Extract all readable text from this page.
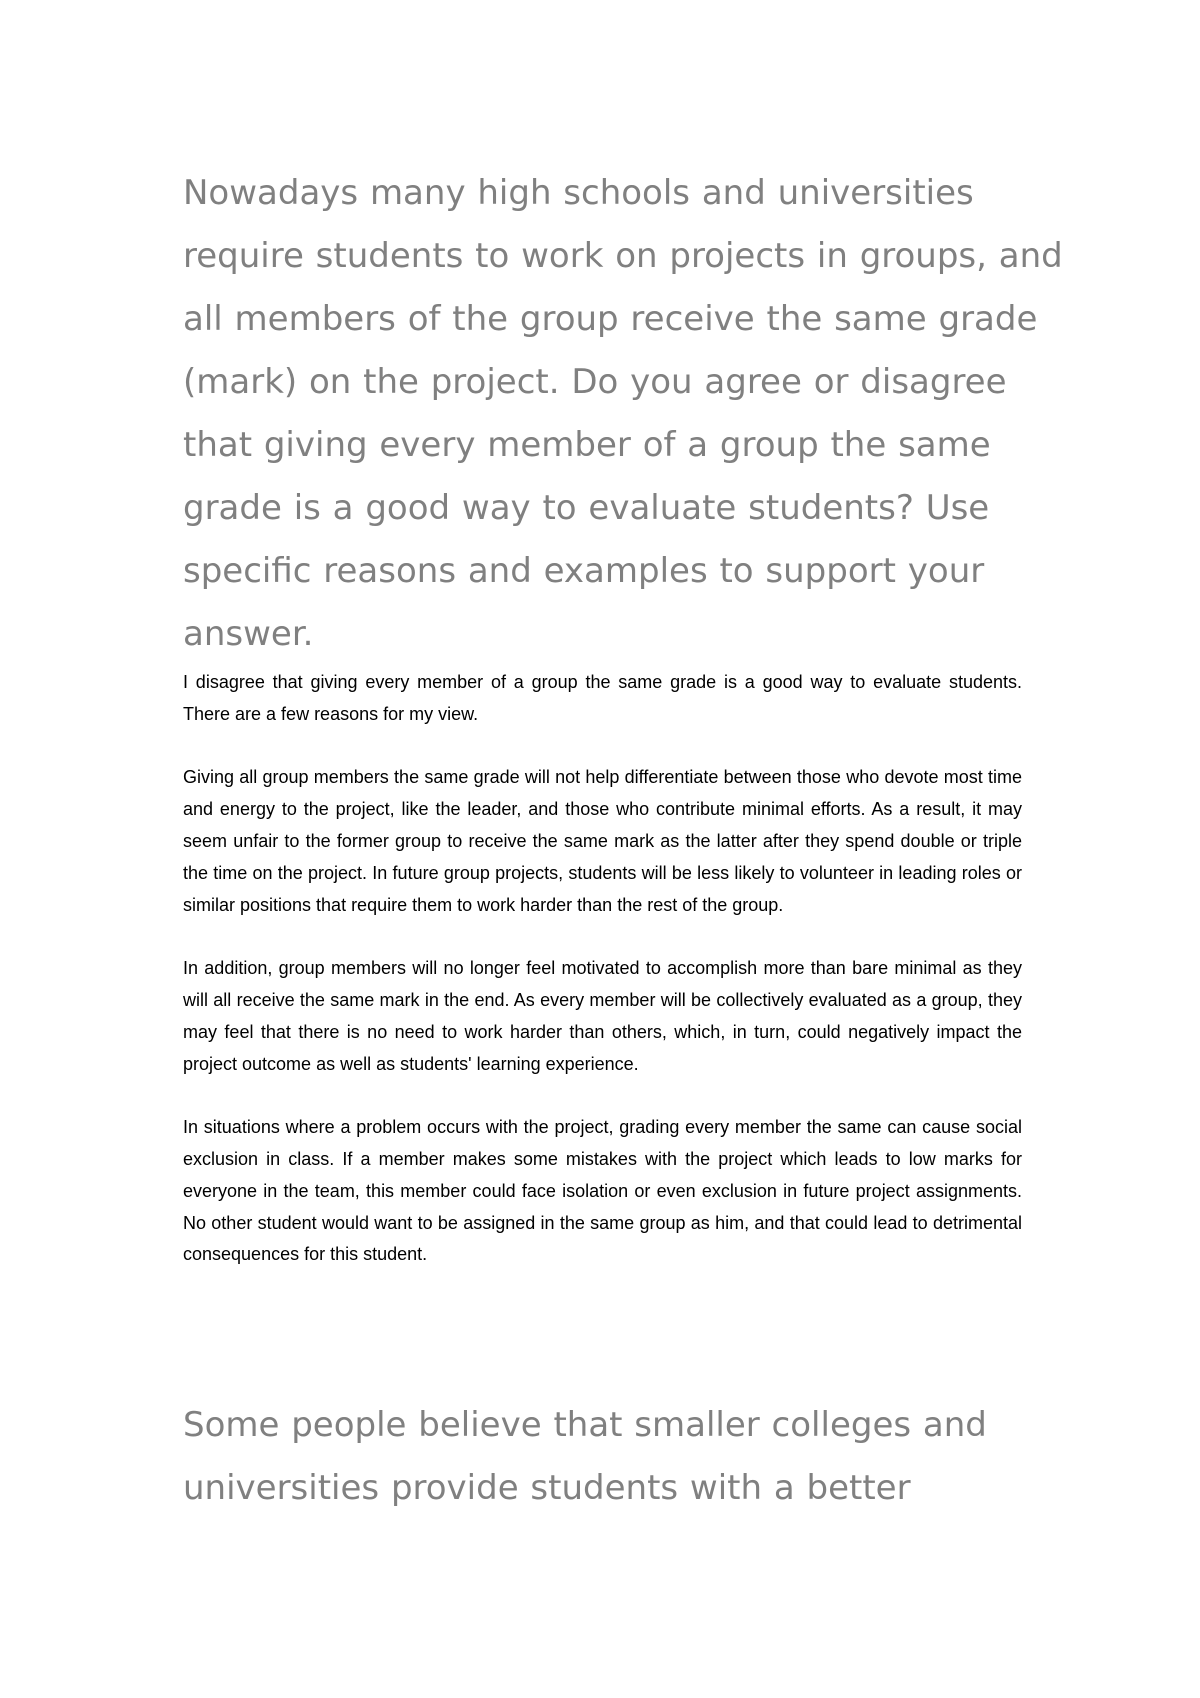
Nowadays many high schools and universities require students to work on projects in groups, and all members of the group receive the same grade (mark) on the project. Do you agree or disagree that giving every member of a group the same grade is a good way to evaluate students? Use specific reasons and examples to support your answer.

I disagree that giving every member of a group the same grade is a good way to evaluate students. There are a few reasons for my view.

Giving all group members the same grade will not help differentiate between those who devote most time and energy to the project, like the leader, and those who contribute minimal efforts. As a result, it may seem unfair to the former group to receive the same mark as the latter after they spend double or triple the time on the project. In future group projects, students will be less likely to volunteer in leading roles or similar positions that require them to work harder than the rest of the group.

In addition, group members will no longer feel motivated to accomplish more than bare minimal as they will all receive the same mark in the end. As every member will be collectively evaluated as a group, they may feel that there is no need to work harder than others, which, in turn, could negatively impact the project outcome as well as students' learning experience.

In situations where a problem occurs with the project, grading every member the same can cause social exclusion in class. If a member makes some mistakes with the project which leads to low marks for everyone in the team, this member could face isolation or even exclusion in future project assignments. No other student would want to be assigned in the same group as him, and that could lead to detrimental consequences for this student.

Some people believe that smaller colleges and universities provide students with a better
